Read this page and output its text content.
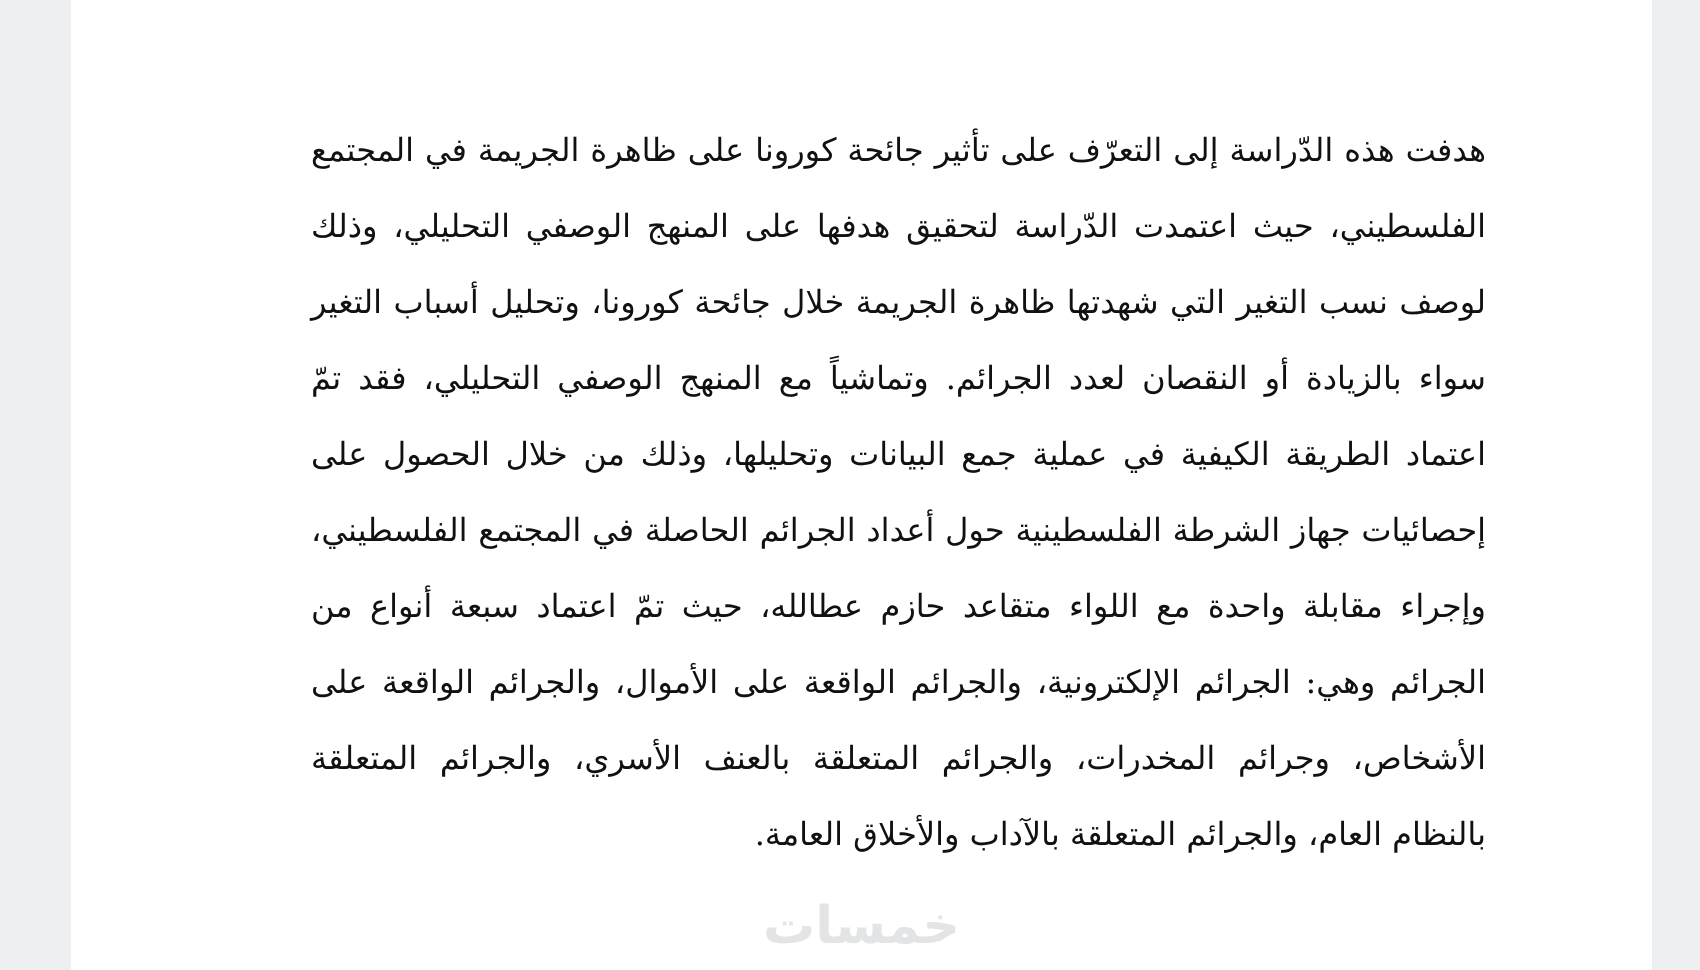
هدفت هذه الدّراسة إلى التعرّف على تأثير جائحة كورونا على ظاهرة الجريمة في المجتمع الفلسطيني، حيث اعتمدت الدّراسة لتحقيق هدفها على المنهج الوصفي التحليلي، وذلك لوصف نسب التغير التي شهدتها ظاهرة الجريمة خلال جائحة كورونا، وتحليل أسباب التغير سواء بالزيادة أو النقصان لعدد الجرائم. وتماشياً مع المنهج الوصفي التحليلي، فقد تمّ اعتماد الطريقة الكيفية في عملية جمع البيانات وتحليلها، وذلك من خلال الحصول على إحصائيات جهاز الشرطة الفلسطينية حول أعداد الجرائم الحاصلة في المجتمع الفلسطيني، وإجراء مقابلة واحدة مع اللواء متقاعد حازم عطالله، حيث تمّ اعتماد سبعة أنواع من الجرائم وهي: الجرائم الإلكترونية، والجرائم الواقعة على الأموال، والجرائم الواقعة على الأشخاص، وجرائم المخدرات، والجرائم المتعلقة بالعنف الأسري، والجرائم المتعلقة بالنظام العام، والجرائم المتعلقة بالآداب والأخلاق العامة.

خمسات
